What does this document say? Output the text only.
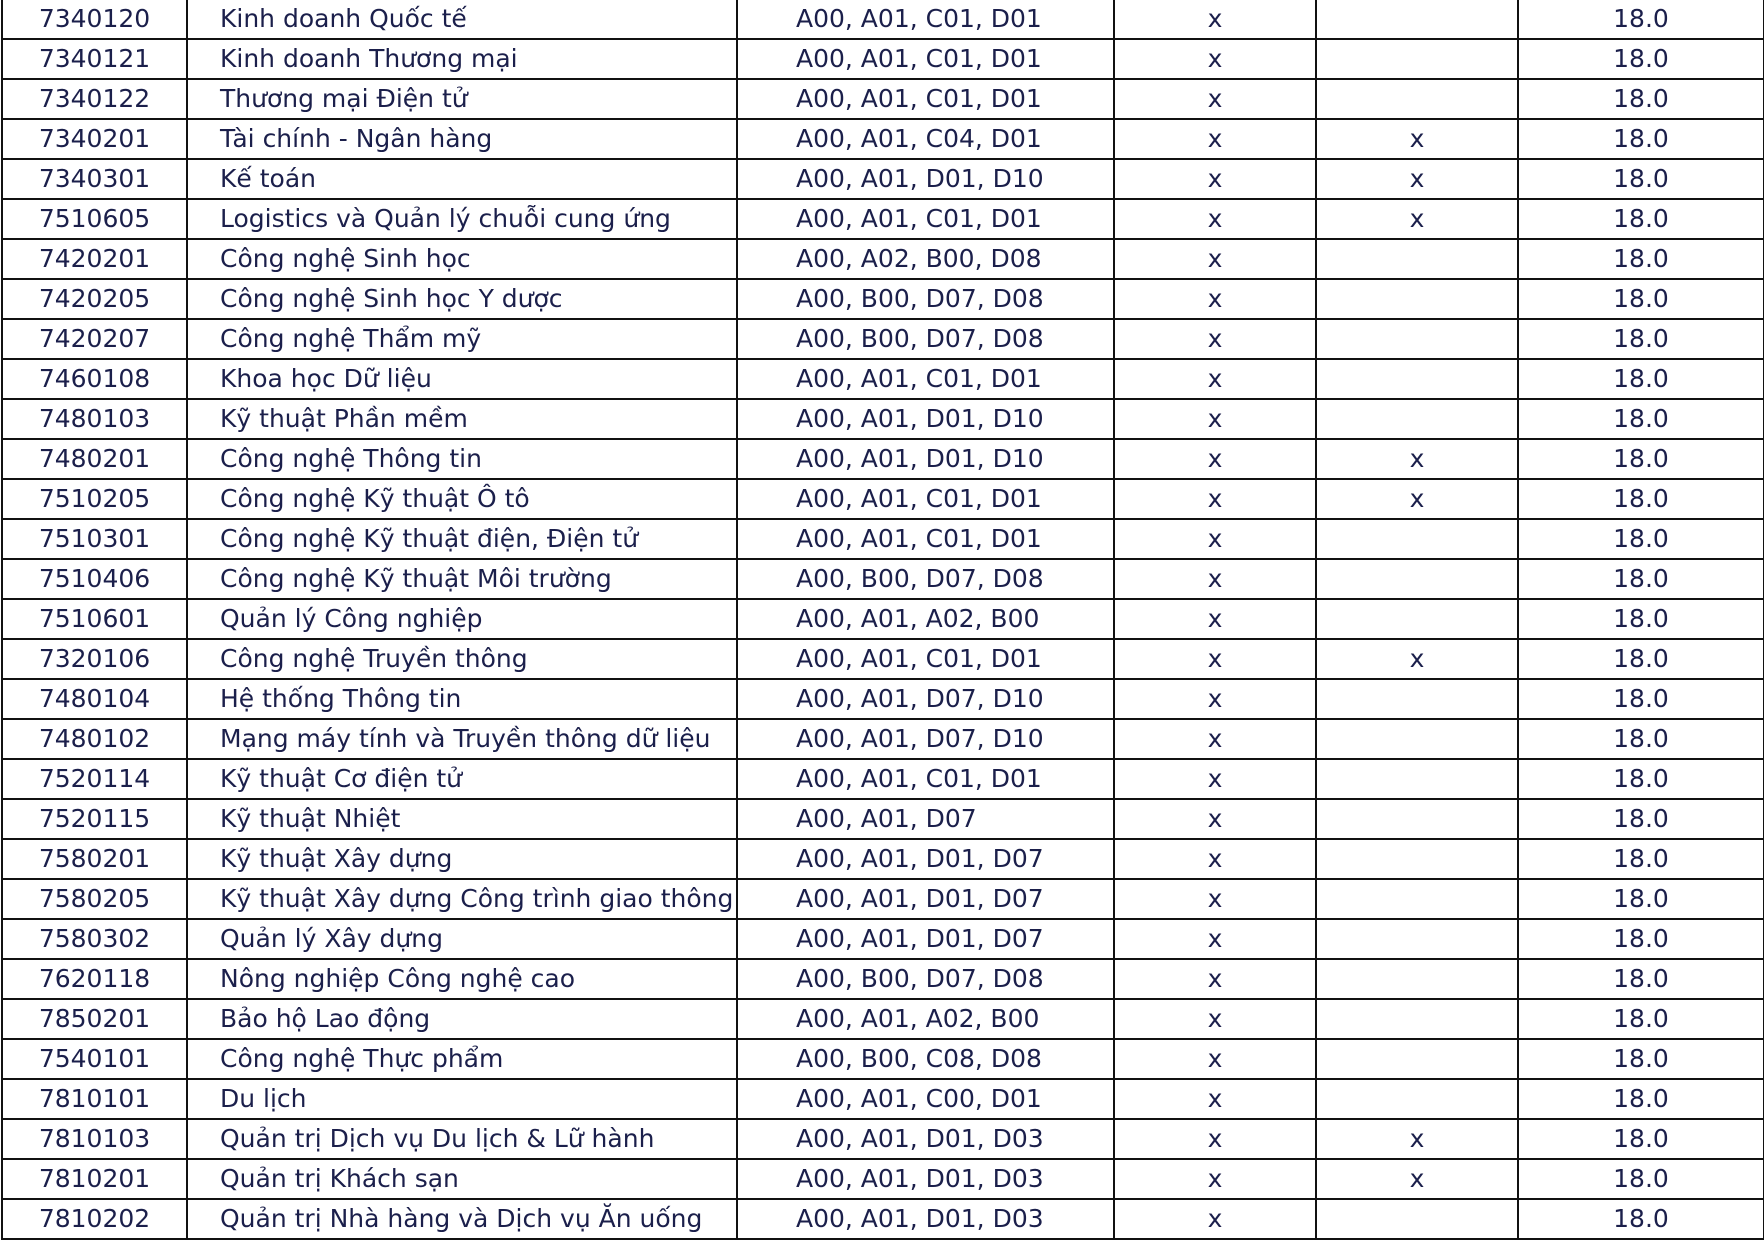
7340120	Kinh doanh Quốc tế	A00, A01, C01, D01	x		18.0
7340121	Kinh doanh Thương mại	A00, A01, C01, D01	x		18.0
7340122	Thương mại Điện tử	A00, A01, C01, D01	x		18.0
7340201	Tài chính - Ngân hàng	A00, A01, C04, D01	x	x	18.0
7340301	Kế toán	A00, A01, D01, D10	x	x	18.0
7510605	Logistics và Quản lý chuỗi cung ứng	A00, A01, C01, D01	x	x	18.0
7420201	Công nghệ Sinh học	A00, A02, B00, D08	x		18.0
7420205	Công nghệ Sinh học Y dược	A00, B00, D07, D08	x		18.0
7420207	Công nghệ Thẩm mỹ	A00, B00, D07, D08	x		18.0
7460108	Khoa học Dữ liệu	A00, A01, C01, D01	x		18.0
7480103	Kỹ thuật Phần mềm	A00, A01, D01, D10	x		18.0
7480201	Công nghệ Thông tin	A00, A01, D01, D10	x	x	18.0
7510205	Công nghệ Kỹ thuật Ô tô	A00, A01, C01, D01	x	x	18.0
7510301	Công nghệ Kỹ thuật điện, Điện tử	A00, A01, C01, D01	x		18.0
7510406	Công nghệ Kỹ thuật Môi trường	A00, B00, D07, D08	x		18.0
7510601	Quản lý Công nghiệp	A00, A01, A02, B00	x		18.0
7320106	Công nghệ Truyền thông	A00, A01, C01, D01	x	x	18.0
7480104	Hệ thống Thông tin	A00, A01, D07, D10	x		18.0
7480102	Mạng máy tính và Truyền thông dữ liệu	A00, A01, D07, D10	x		18.0
7520114	Kỹ thuật Cơ điện tử	A00, A01, C01, D01	x		18.0
7520115	Kỹ thuật Nhiệt	A00, A01, D07	x		18.0
7580201	Kỹ thuật Xây dựng	A00, A01, D01, D07	x		18.0
7580205	Kỹ thuật Xây dựng Công trình giao thông	A00, A01, D01, D07	x		18.0
7580302	Quản lý Xây dựng	A00, A01, D01, D07	x		18.0
7620118	Nông nghiệp Công nghệ cao	A00, B00, D07, D08	x		18.0
7850201	Bảo hộ Lao động	A00, A01, A02, B00	x		18.0
7540101	Công nghệ Thực phẩm	A00, B00, C08, D08	x		18.0
7810101	Du lịch	A00, A01, C00, D01	x		18.0
7810103	Quản trị Dịch vụ Du lịch & Lữ hành	A00, A01, D01, D03	x	x	18.0
7810201	Quản trị Khách sạn	A00, A01, D01, D03	x	x	18.0
7810202	Quản trị Nhà hàng và Dịch vụ Ăn uống	A00, A01, D01, D03	x		18.0
